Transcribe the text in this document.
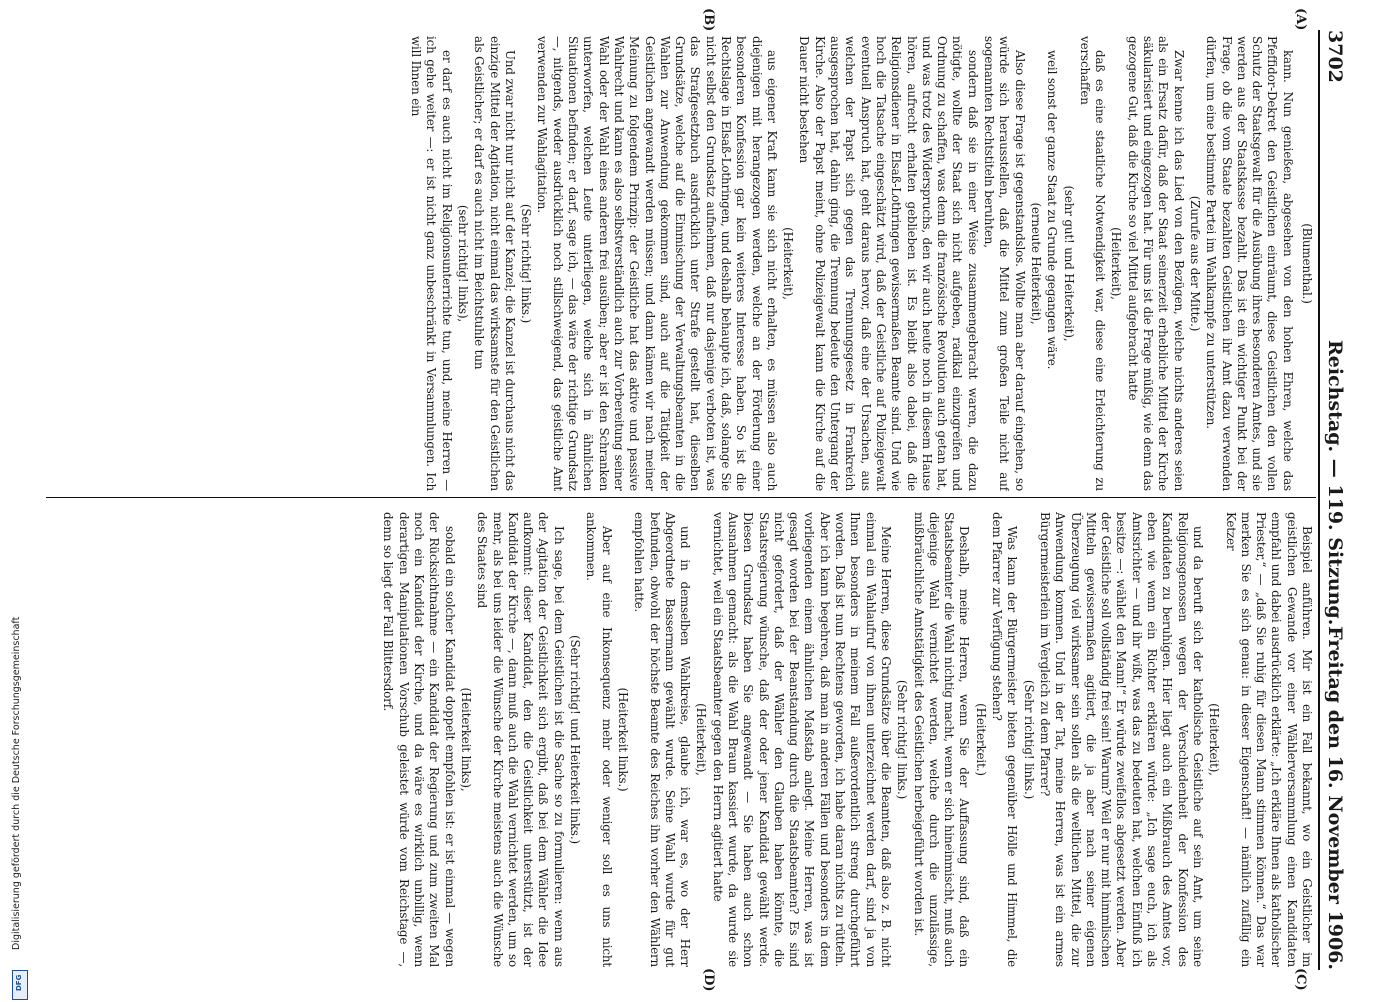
3702
Reichstag. — 119. Sitzung.
Freitag den 16. November 1906.
(A)
(B)
(C)
(D)

(Blumenthal.)

kann. Nun genießen, abgesehen von den hohen Ehren, welche das Pfeffidor-Dekret den Geistlichen einräumt, diese Geistlichen den vollen Schutz der Staatsgewalt für die Ausübung ihres besonderen Amtes, und sie werden aus der Staatskasse bezahlt. Das ist ein wichtiger Punkt bei der Frage, ob die vom Staate bezahlten Geistlichen ihr Amt dazu verwenden dürfen, um eine bestimmte Partei im Wahlkampfe zu unterstützen.

(Zurufe aus der Mitte.)

Zwar kenne ich das Lied von den Bezügen, welche nichts anderes seien als ein Ersatz dafür, daß der Staat seinerzeit erhebliche Mittel der Kirche säkularisiert und eingezogen hat. Für uns ist die Frage müßig, wie denn das gezogene Gut, daß die Kirche so viel Mittel aufgebracht hatte

(Heiterkeit),

daß es eine staatliche Notwendigkeit war, diese eine Erleichterung zu verschaffen

(sehr gut! und Heiterkeit),

weil sonst der ganze Staat zu Grunde gegangen wäre.

(erneute Heiterkeit),

Also diese Frage ist gegenstandslos. Wollte man aber darauf eingehen, so würde sich herausstellen, daß die Mittel zum großen Teile nicht auf sogenannten Rechtstiteln beruhten,

sondern daß sie in einer Weise zusammengebracht waren, die dazu nötigte, wollte der Staat sich nicht aufgeben, radikal einzugreifen und Ordnung zu schaffen, was denn die französische Revolution auch getan hat, und was trotz des Widerspruchs, den wir auch heute noch in diesem Hause hören, aufrecht erhalten geblieben ist. Es bleibt also dabei, daß die Religionsdiener in Elsaß-Lothringen gewissermaßen Beamte sind. Und wie hoch die Tatsache eingeschätzt wird, daß der Geistliche auf Polizeigewalt eventuell Anspruch hat, geht daraus hervor, daß eine der Ursachen, aus welchen der Papst sich gegen das Trennungsgesetz in Frankreich ausgesprochen hat, dahin ging, die Trennung bedeute den Untergang der Kirche. Also der Papst meint, ohne Polizeigewalt kann die Kirche auf die Dauer nicht bestehen

(Heiterkeit),

aus eigener Kraft kann sie sich nicht erhalten, es müssen also auch diejenigen mit herangezogen werden, welche an der Förderung einer besonderen Konfession gar kein weiteres Interesse haben. So ist die Rechtslage in Elsaß-Lothringen, und deshalb behaupte ich, daß, solange Sie nicht selbst den Grundsatz aufnehmen, daß nur dasjenige verboten ist, was das Strafgesetzbuch ausdrücklich unter Strafe gestellt hat, dieselben Grundsätze, welche auf die Einmischung der Verwaltungsbeamten in die Wahlen zur Anwendung gekommen sind, auch auf die Tätigkeit der Geistlichen angewandt werden müssen; und dann kämen wir nach meiner Meinung zu folgendem Prinzip: der Geistliche hat das aktive und passive Wahlrecht und kann es also selbstverständlich auch zur Vorbereitung seiner Wahl oder der Wahl eines anderen frei ausüben; aber er ist den Schranken unterworfen, welchen Leute unterliegen, welche sich in ähnlichen Situationen befinden; er darf, sage ich, — das wäre der richtige Grundsatz —, nitgends, weder ausdrücklich noch stillschweigend, das geistliche Amt verwenden zur Wahlagitation.

(Sehr richtig! links.)

Und zwar nicht nur nicht auf der Kanzel; die Kanzel ist durchaus nicht das einzige Mittel der Agitation, nicht einmal das wirksamste für den Geistlichen als Geistlicher; er darf es auch nicht im Beichtstuhle tun

(sehr richtig! links),

er darf es auch nicht im Religionsunterrichte tun, und, meine Herren — ich gehe weiter —: er ist nicht ganz unbeschränkt in Versammlungen. Ich will Ihnen ein

Beispiel anführen. Mir ist ein Fall bekannt, wo ein Geistlicher im geistlichen Gewande vor einer Wählerversammlung einen Kandidaten empfahl und dabei ausdrücklich erklärte: „Ich erkläre Ihnen als katholischer Priester,“ — „daß Sie ruhig für diesen Mann stimmen können.“ Das war merken Sie es sich genau: in dieser Eigenschaft! — nämlich zufällig ein Ketzer

(Heiterkeit),

und da beruft sich der katholische Geistliche auf sein Amt, um seine Religionsgenossen wegen der Verschiedenheit der Konfession des Kandidaten zu beruhigen. Hier liegt auch ein Mißbrauch des Amtes vor, eben wie wenn ein Richter erklären würde: „Ich sage euch, ich als Amtsrichter — und ihr wißt, was das zu bedeuten hat, welchen Einfluß ich besitze —: wählet den Mann!“ Er würde zweifellos abgesetzt werden. Aber der Geistliche soll vollständig frei sein! Warum? Weil er nur mit himmlischen Mitteln gewissermaßen agitiert, die ja aber nach seiner eigenen Überzeugung viel wirksamer sein sollen als die weltlichen Mittel, die zur Anwendung kommen. Und in der Tat, meine Herren, was ist ein armes Bürgermeisterlein im Vergleich zu dem Pfarrer?

(Sehr richtig! links.)

Was kann der Bürgermeister bieten gegenüber Hölle und Himmel, die dem Pfarrer zur Verfügung stehen?

(Heiterkeit.)

Deshalb, meine Herren, wenn Sie der Auffassung sind, daß ein Staatsbeamter die Wahl nichtig macht, wenn er sich hineinmischt, muß auch diejenige Wahl vernichtet werden, welche durch die unzulässige, mißbräuchliche Amtstätigkeit des Geistlichen herbeigeführt worden ist.

(Sehr richtig! links.)

Meine Herren, diese Grundsätze über die Beamten, daß also z. B. nicht einmal ein Wahlaufruf von ihnen unterzeichnet werden darf, sind ja von Ihnen besonders in meinem Fall außerordentlich streng durchgeführt worden. Daß ist nun Rechtens geworden, ich habe daran nichts zu rütteln. Aber ich kann begehren, daß man in anderen Fällen und besonders in dem vorliegenden einem ähnlichen Maßstab anlegt. Meine Herren, was ist gesagt worden bei der Beanstandung durch die Staatsbeamten? Es sind nicht gefordert, daß der Wähler den Glauben haben könnte, die Staatsregierung wünsche, daß der oder jener Kandidat gewählt werde. Diesen Grundsatz haben Sie angewandt — Sie haben auch schon Ausnahmen gemacht: als die Wahl Braun kassiert wurde, da wurde sie vernichtet, weil ein Staatsbeamter gegen den Herrn agitiert hatte

(Heiterkeit),

und in demselben Wahlkreise, glaube ich, war es, wo der Herr Abgeordnete Bassermann gewählt wurde. Seine Wahl wurde für gut befunden, obwohl der höchste Beamte des Reiches ihn vorher den Wählern empfohlen hatte.

(Heiterkeit links.)

Aber auf eine Inkonsequenz mehr oder weniger soll es uns nicht ankommen.

(Sehr richtig! und Heiterkeit links.)

Ich sage, bei dem Geistlichen ist die Sache so zu formulieren: wenn aus der Agitation der Geistlichkeit sich ergibt, daß bei dem Wähler die Idee aufkommt: dieser Kandidat, den die Geistlichkeit unterstützt, ist der Kandidat der Kirche —, dann muß auch die Wahl vernichtet werden, um so mehr, als bei uns leider die Wünsche der Kirche meistens auch die Wünsche des Staates sind

(Heiterkeit links),

sobald ein solcher Kandidat doppelt empfohlen ist: er ist einmal — wegen der Rücksichtnahme — ein Kandidat der Regierung und zum zweiten Mal noch ein Kandidat der Kirche, und da wäre es wirklich unbillig, wenn derartigen Manipulationen Vorschub geleistet würde vom Reichstage —, denn so liegt der Fall Blittersdorf.

Digitalisierung gefördert durch die Deutsche Forschungsgemeinschaft
DFG
